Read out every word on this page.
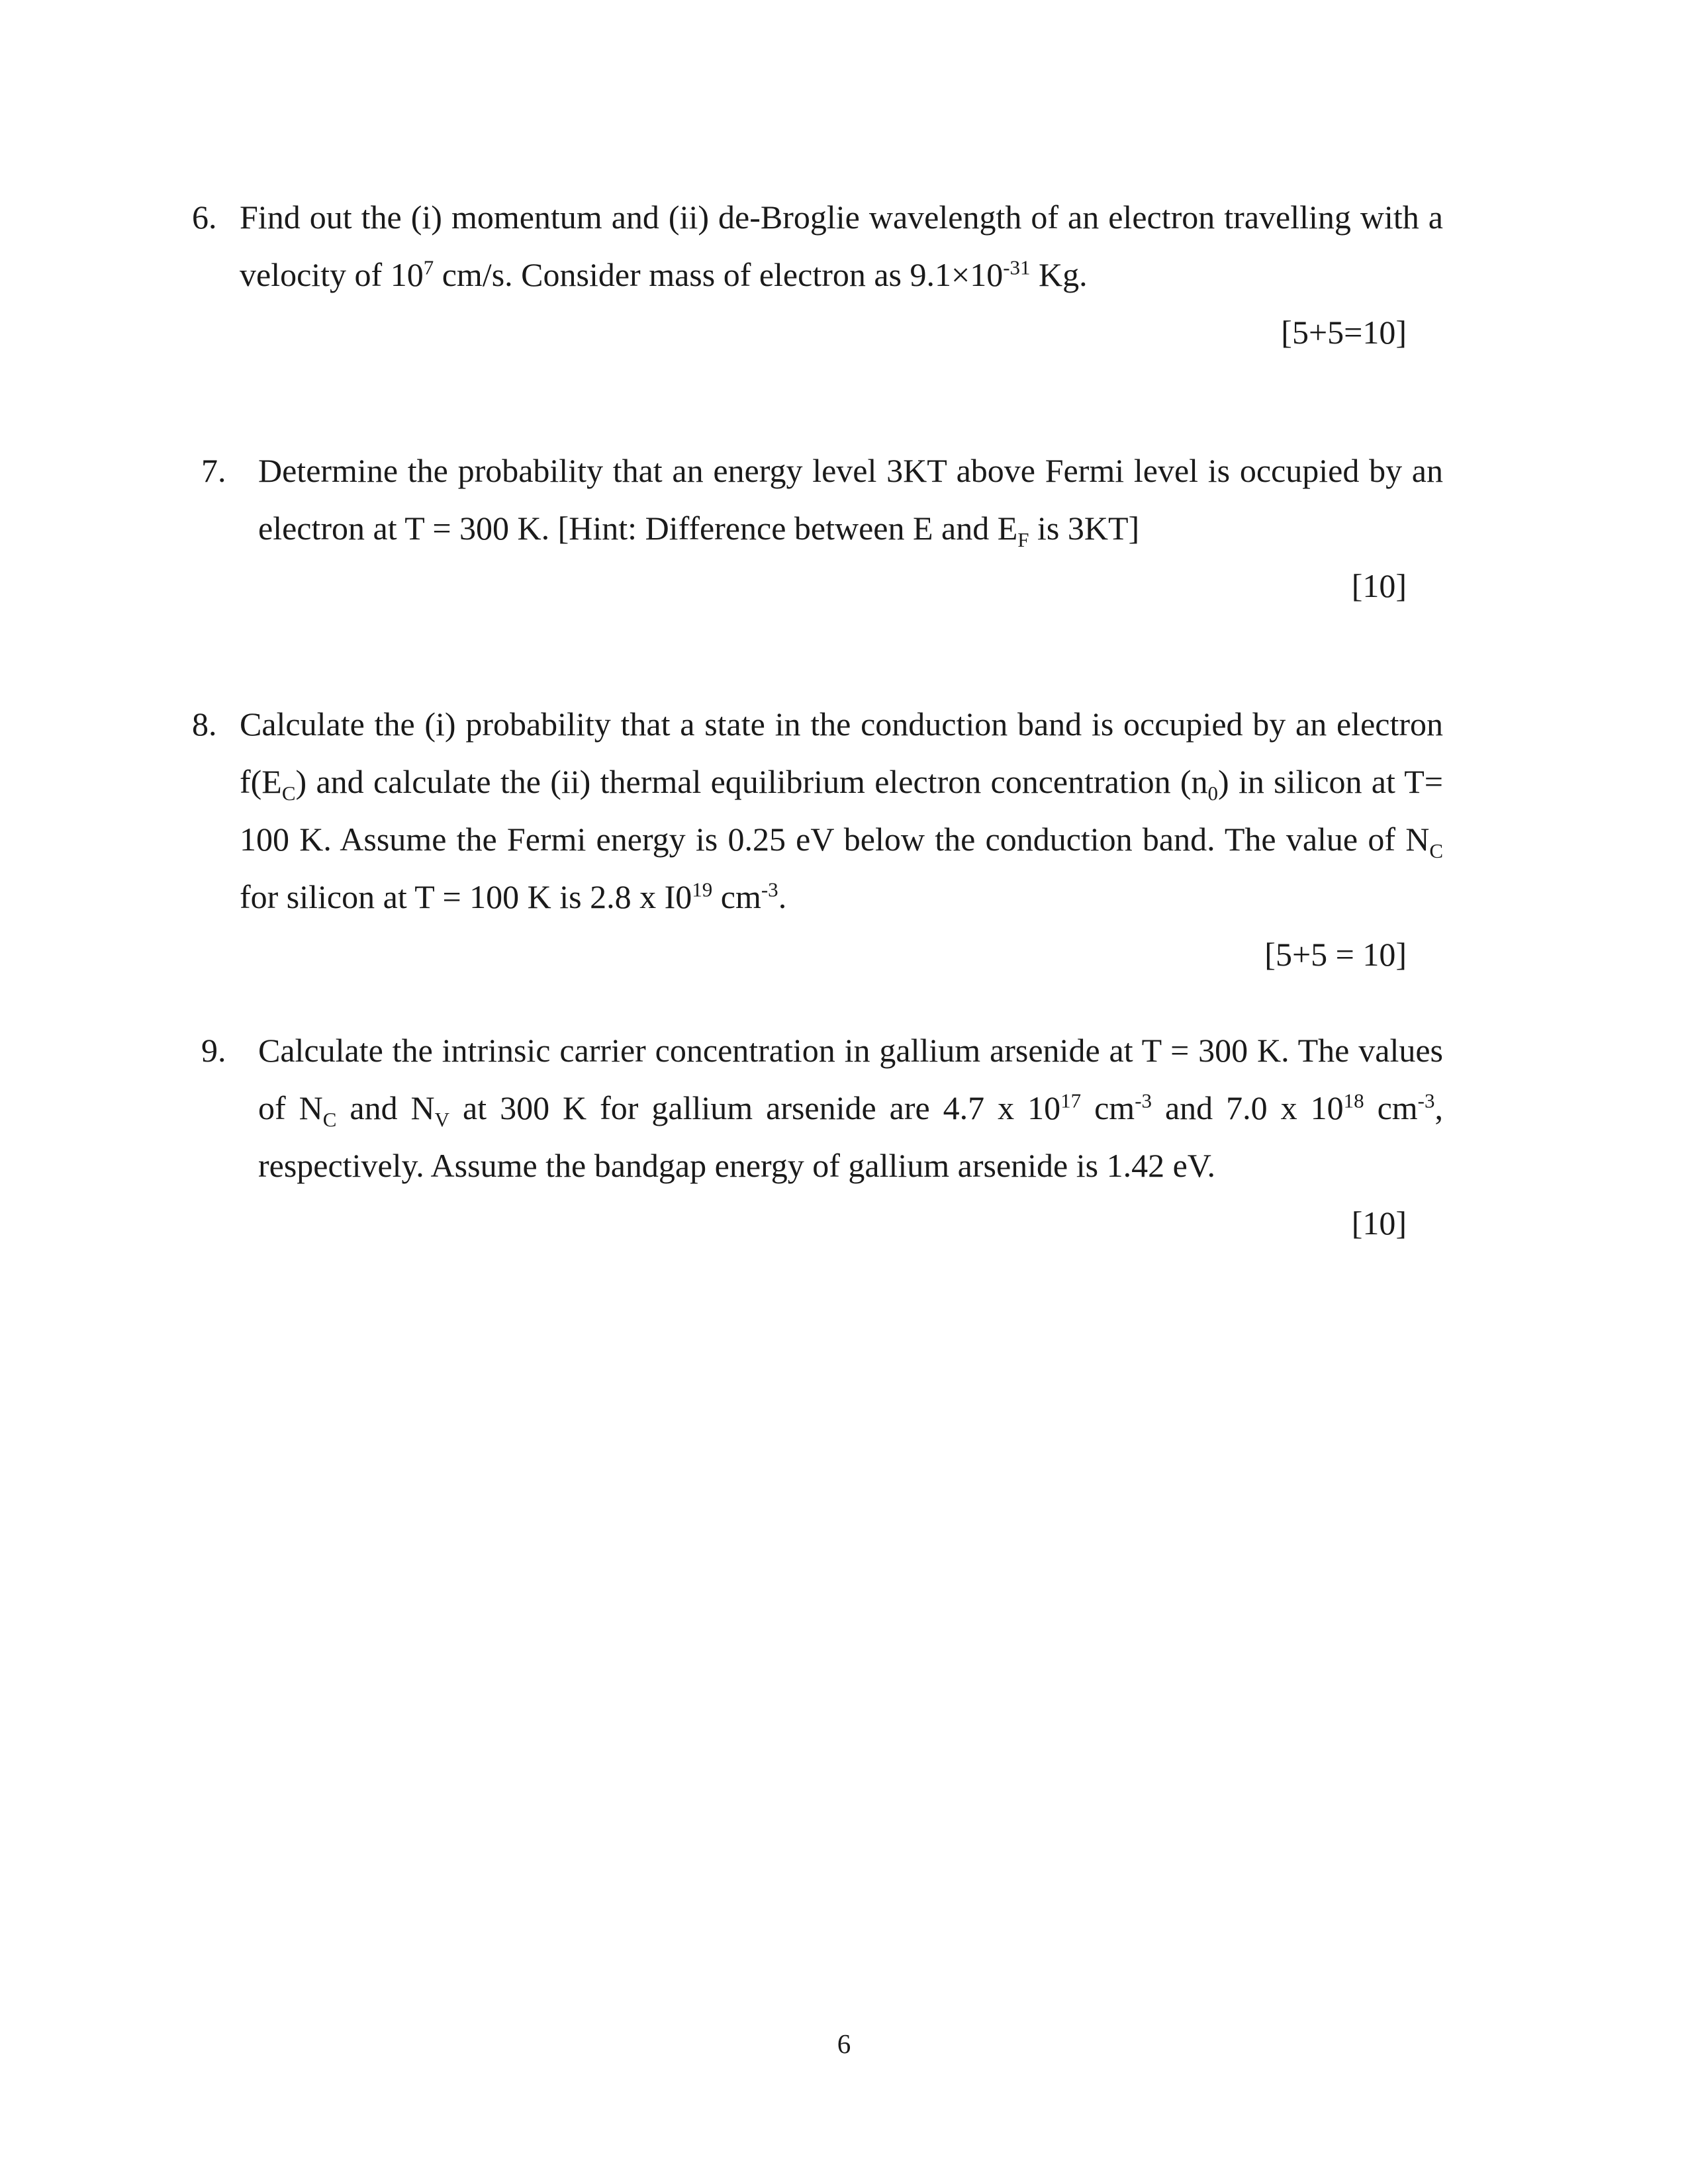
6. Find out the (i) momentum and (ii) de-Broglie wavelength of an electron travelling with a velocity of $10^7$ cm/s. Consider mass of electron as $9.1\times 10^{-31}$ Kg.
[5+5=10]
7. Determine the probability that an energy level 3KT above Fermi level is occupied by an electron at T = 300 K. [Hint: Difference between E and $E_F$ is 3KT]
[10]
8. Calculate the (i) probability that a state in the conduction band is occupied by an electron $f(E_C)$ and calculate the (ii) thermal equilibrium electron concentration $(n_0)$ in silicon at T= 100 K. Assume the Fermi energy is 0.25 eV below the conduction band. The value of $N_C$ for silicon at T = 100 K is 2.8 x $I0^{19}$ $cm^{-3}$.
[5+5 = 10]
9. Calculate the intrinsic carrier concentration in gallium arsenide at T = 300 K. The values of $N_C$ and $N_V$ at 300 K for gallium arsenide are 4.7 x $10^{17}$ $cm^{-3}$ and 7.0 x $10^{18}$ $cm^{-3}$, respectively. Assume the bandgap energy of gallium arsenide is 1.42 eV.
[10]
6
